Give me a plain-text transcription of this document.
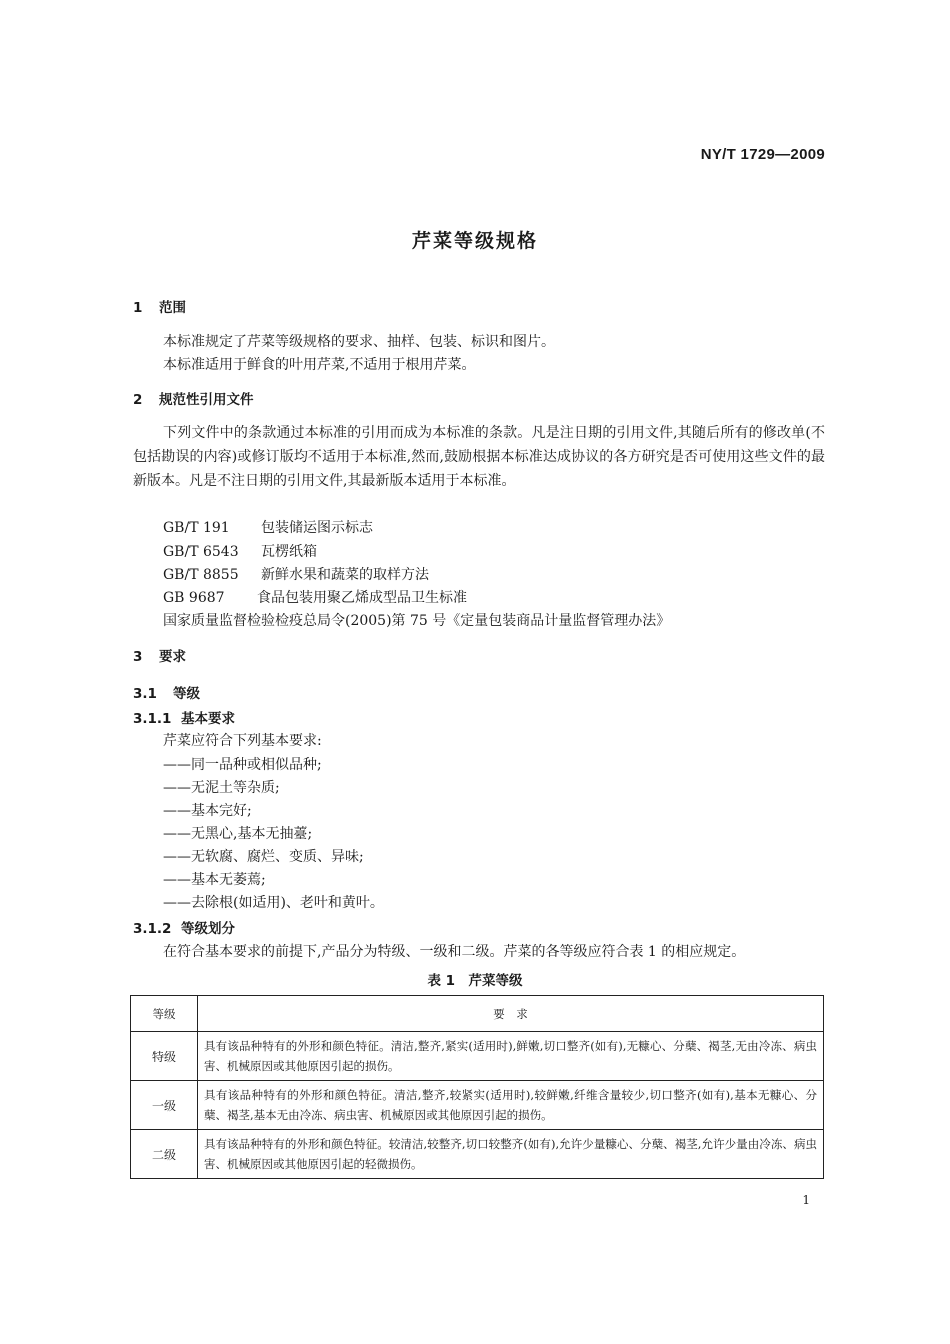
NY/T 1729—2009
芹菜等级规格
1 范围
本标准规定了芹菜等级规格的要求、抽样、包装、标识和图片。
本标准适用于鲜食的叶用芹菜,不适用于根用芹菜。
2 规范性引用文件
下列文件中的条款通过本标准的引用而成为本标准的条款。凡是注日期的引用文件,其随后所有的修改单(不包括勘误的内容)或修订版均不适用于本标准,然而,鼓励根据本标准达成协议的各方研究是否可使用这些文件的最新版本。凡是不注日期的引用文件,其最新版本适用于本标准。
GB/T 191 包装储运图示标志
GB/T 6543 瓦楞纸箱
GB/T 8855 新鲜水果和蔬菜的取样方法
GB 9687 食品包装用聚乙烯成型品卫生标准
国家质量监督检验检疫总局令(2005)第 75 号《定量包装商品计量监督管理办法》
3 要求
3.1 等级
3.1.1 基本要求
芹菜应符合下列基本要求:
——同一品种或相似品种;
——无泥土等杂质;
——基本完好;
——无黑心,基本无抽薹;
——无软腐、腐烂、变质、异味;
——基本无萎蔫;
——去除根(如适用)、老叶和黄叶。
3.1.2 等级划分
在符合基本要求的前提下,产品分为特级、一级和二级。芹菜的各等级应符合表 1 的相应规定。
表 1　芹菜等级
等级	要　求
特级	具有该品种特有的外形和颜色特征。清洁,整齐,紧实(适用时),鲜嫩,切口整齐(如有),无糠心、分蘖、褐茎,无由冷冻、病虫害、机械原因或其他原因引起的损伤。
一级	具有该品种特有的外形和颜色特征。清洁,整齐,较紧实(适用时),较鲜嫩,纤维含量较少,切口整齐(如有),基本无糠心、分蘖、褐茎,基本无由冷冻、病虫害、机械原因或其他原因引起的损伤。
二级	具有该品种特有的外形和颜色特征。较清洁,较整齐,切口较整齐(如有),允许少量糠心、分蘖、褐茎,允许少量由冷冻、病虫害、机械原因或其他原因引起的轻微损伤。
1
